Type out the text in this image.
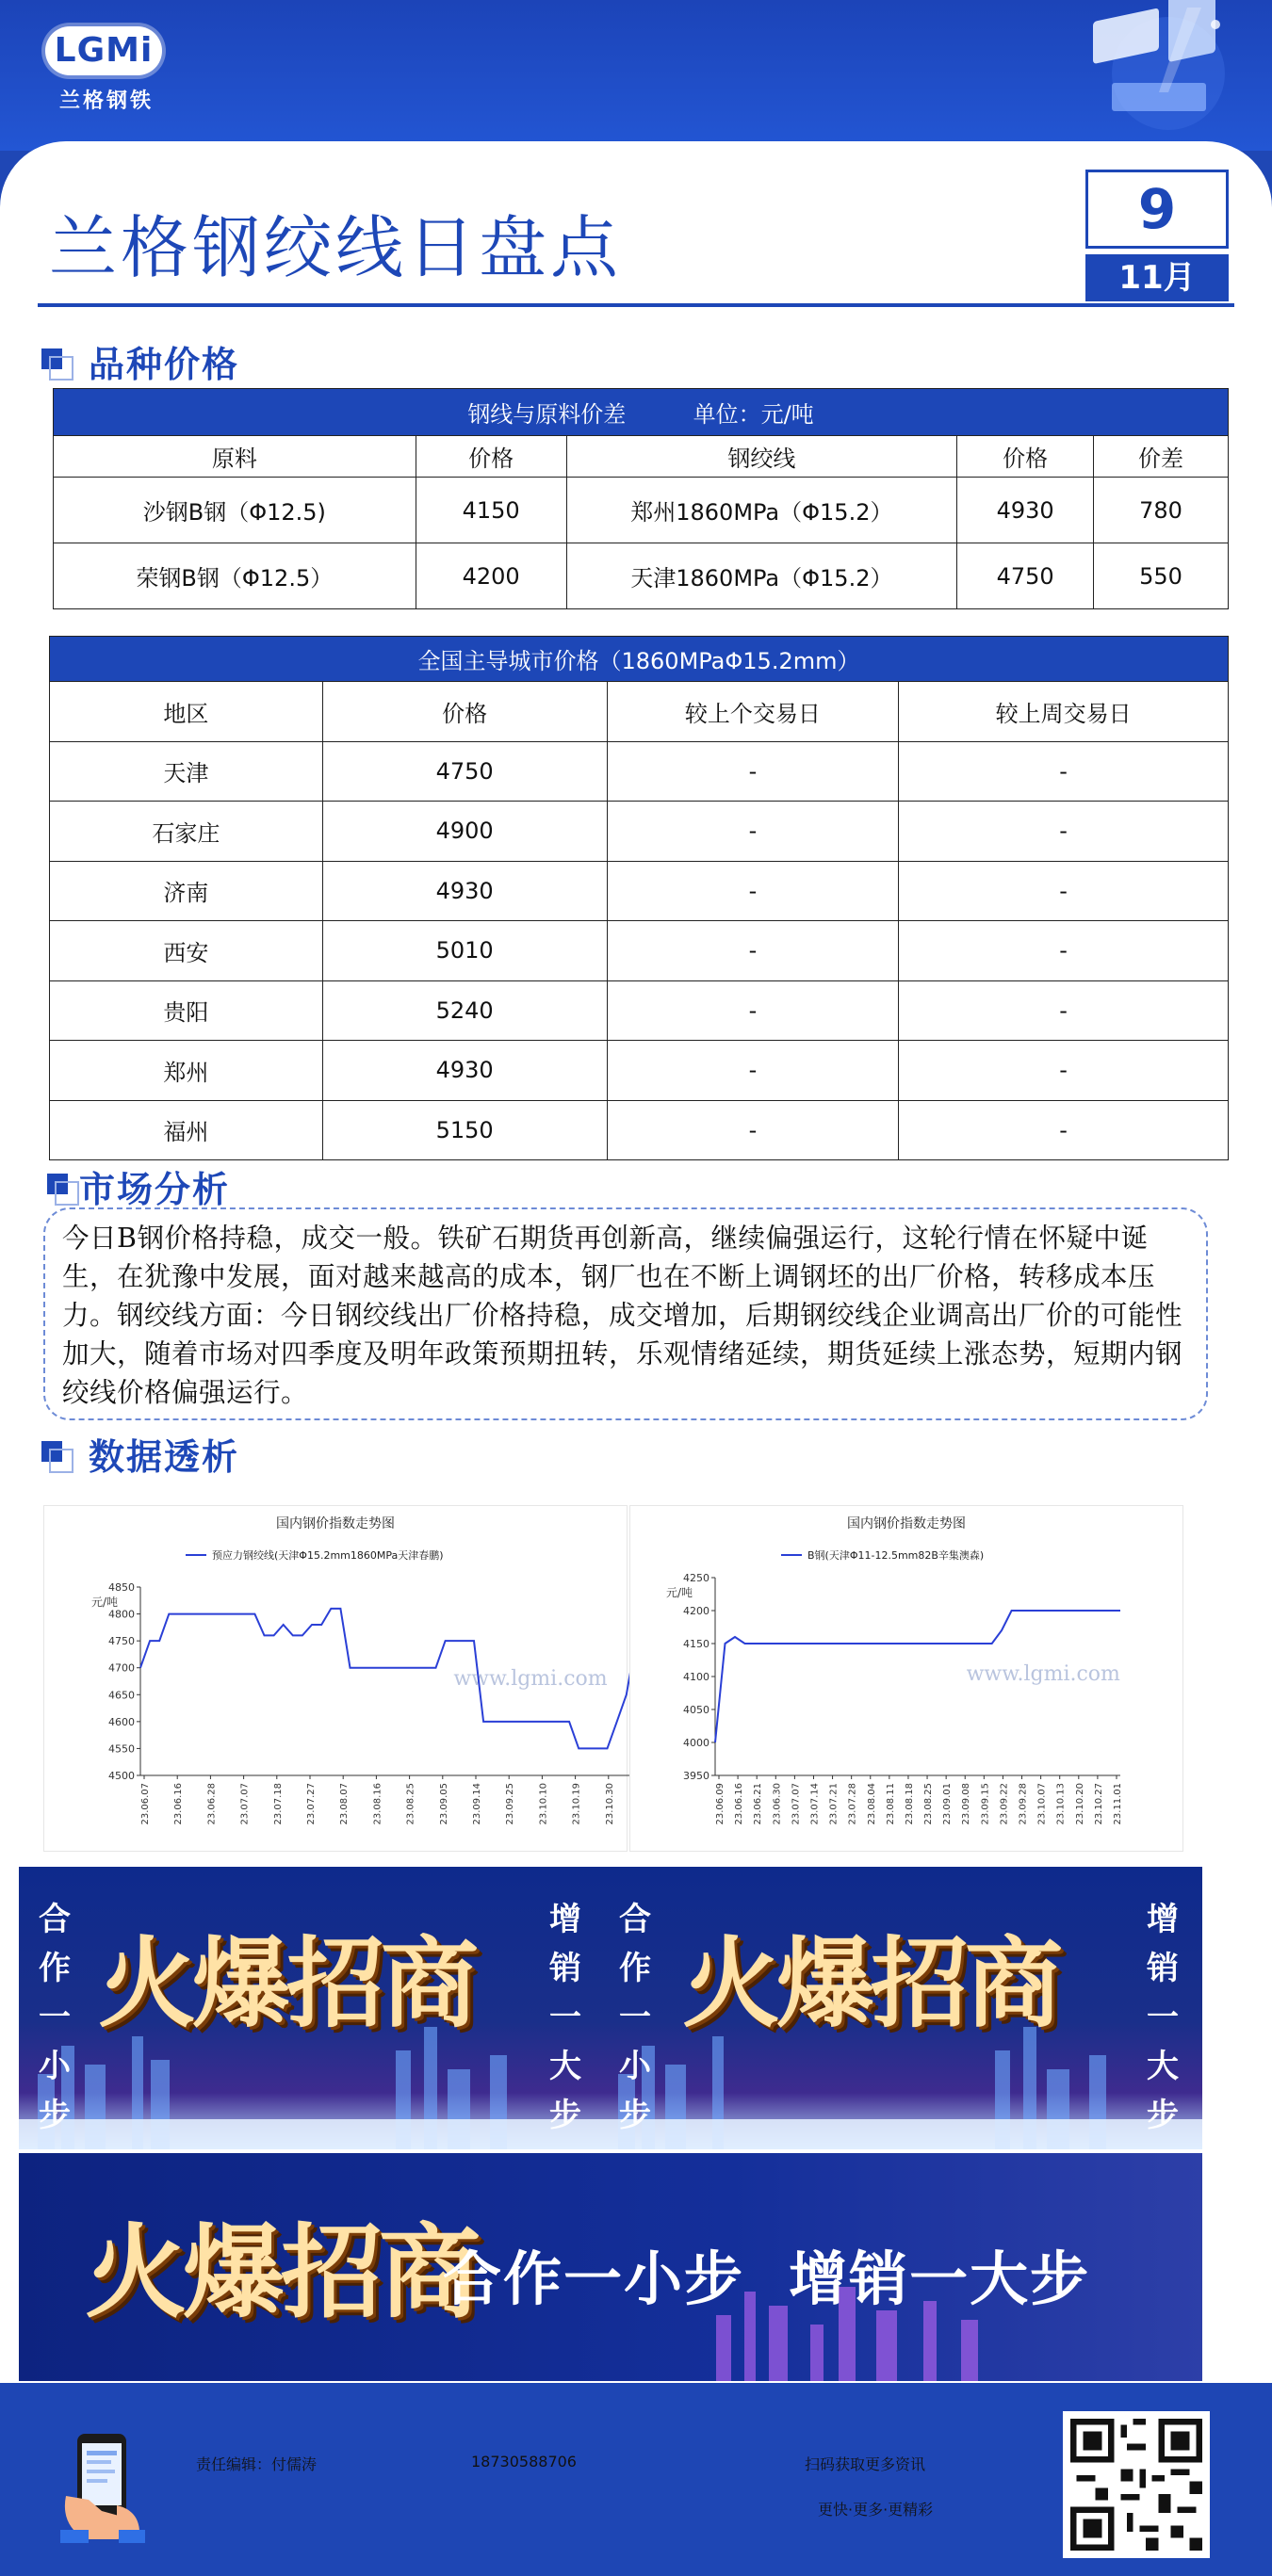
LGMi
兰格钢铁
兰格钢绞线日盘点	9
11月
品种价格
钢线与原料价差 单位：元/吨				
原料	价格	钢绞线	价格	价差
沙钢B钢（Φ12.5)	4150	郑州1860MPa（Φ15.2）	4930	780
荣钢B钢（Φ12.5）	4200	天津1860MPa（Φ15.2）	4750	550
全国主导城市价格（1860MPaΦ15.2mm）			
地区	价格	较上个交易日	较上周交易日
天津	4750	-	-
石家庄	4900	-	-
济南	4930	-	-
西安	5010	-	-
贵阳	5240	-	-
郑州	4930	-	-
福州	5150	-	-
市场分析
今日B钢价格持稳，成交一般。铁矿石期货再创新高，继续偏强运行，这轮行情在怀疑中诞生，在犹豫中发展，面对越来越高的成本，钢厂也在不断上调钢坯的出厂价格，转移成本压力。钢绞线方面：今日钢绞线出厂价格持稳，成交增加，后期钢绞线企业调高出厂价的可能性加大，随着市场对四季度及明年政策预期扭转，乐观情绪延续，期货延续上涨态势，短期内钢绞线价格偏强运行。
数据透析
国内钢价指数走势图
预应力钢绞线(天津Φ15.2mm1860MPa天津春鹏)
元/吨
4500
4550
4600
4650
4700
4750
4800
4850
23.06.07 23.06.16 23.06.28 23.07.07 23.07.18 23.07.27 23.08.07 23.08.16 23.08.25 23.09.05 23.09.14 23.09.25 23.10.10 23.10.19 23.10.30
www.lgmi.com
国内钢价指数走势图
B钢(天津Φ11-12.5mm82B辛集澳森)
元/吨
3950
4000
4050
4100
4150
4200
4250
23.06.09 23.06.16 23.06.21 23.06.30 23.07.07 23.07.14 23.07.21 23.07.28 23.08.04 23.08.11 23.08.18 23.08.25 23.09.01 23.09.08 23.09.15 23.09.22 23.09.28 23.10.07 23.10.13 23.10.20 23.10.27 23.11.01
www.lgmi.com
合作一小步
火爆招商
增销一大步
合作一小步
火爆招商
增销一大步
火爆招商
合作一小步  增销一大步
责任编辑：付儒涛	18730588706	扫码获取更多资讯
更快·更多·更精彩
